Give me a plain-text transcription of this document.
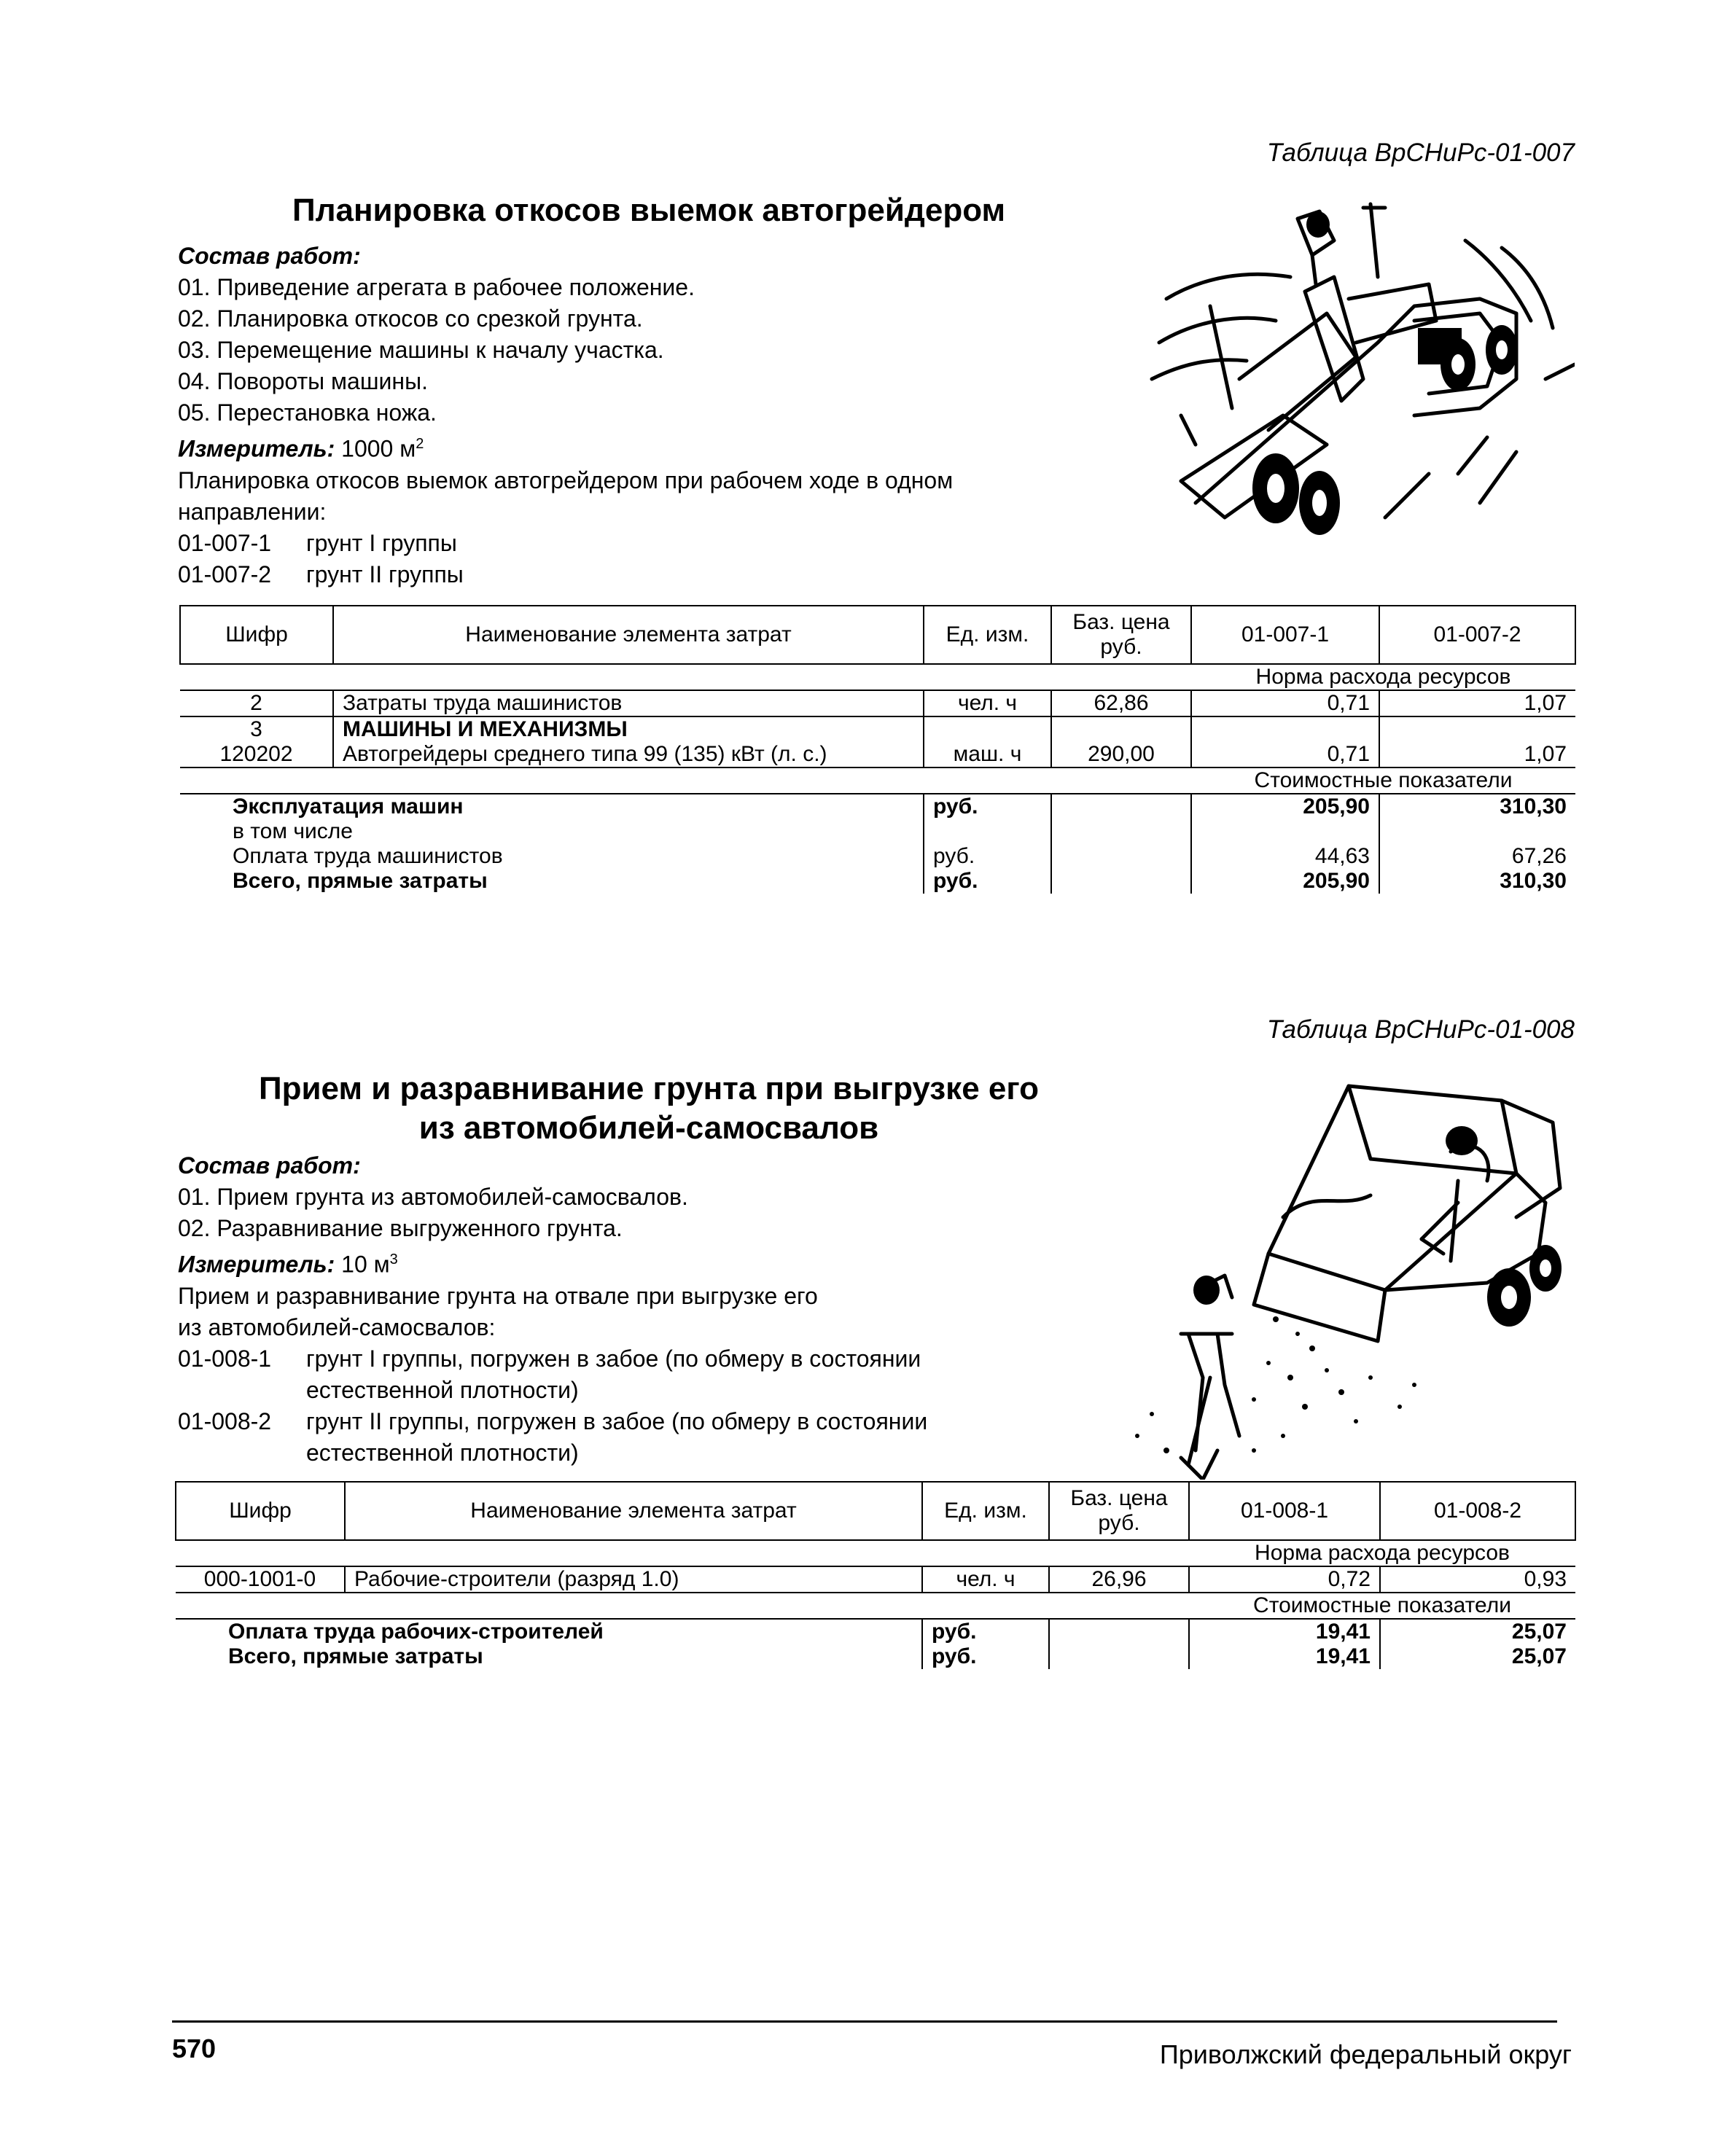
Таблица ВрСНиРс-01-007
Планировка откосов выемок автогрейдером
Состав работ:
01. Приведение агрегата в рабочее положение.
02. Планировка откосов со срезкой грунта.
03. Перемещение машины к началу участка.
04. Повороты машины.
05. Перестановка ножа.
Измеритель: 1000 $м^2$
Планировка откосов выемок автогрейдером при рабочем ходе в одном
направлении:
01-007-1 грунт I группы
01-007-2 грунт II группы
Шифр	Наименование элемента затрат	Ед. изм.	Баз. цена руб.	01-007-1	01-007-2
				Норма расхода ресурсов	
2	Затраты труда машинистов	чел. ч	62,86	0,71	1,07
3	МАШИНЫ И МЕХАНИЗМЫ				
120202	Автогрейдеры среднего типа 99 (135) кВт (л. с.)	маш. ч	290,00	0,71	1,07
				Стоимостные показатели	
Эксплуатация машин		руб.		205,90	310,30
в том числе					
Оплата труда машинистов		руб.		44,63	67,26
Всего, прямые затраты		руб.		205,90	310,30
Таблица ВрСНиРс-01-008
Прием и разравнивание грунта при выгрузке его
из автомобилей-самосвалов
Состав работ:
01. Прием грунта из автомобилей-самосвалов.
02. Разравнивание выгруженного грунта.
Измеритель: 10 $м^3$
Прием и разравнивание грунта на отвале при выгрузке его
из автомобилей-самосвалов:
01-008-1 грунт I группы, погружен в забое (по обмеру в состоянии
естественной плотности)
01-008-2 грунт II группы, погружен в забое (по обмеру в состоянии
естественной плотности)
Шифр	Наименование элемента затрат	Ед. изм.	Баз. цена руб.	01-008-1	01-008-2
				Норма расхода ресурсов	
000-1001-0	Рабочие-строители (разряд 1.0)	чел. ч	26,96	0,72	0,93
				Стоимостные показатели	
Оплата труда рабочих-строителей		руб.		19,41	25,07
Всего, прямые затраты		руб.		19,41	25,07
570	Приволжский федеральный округ
